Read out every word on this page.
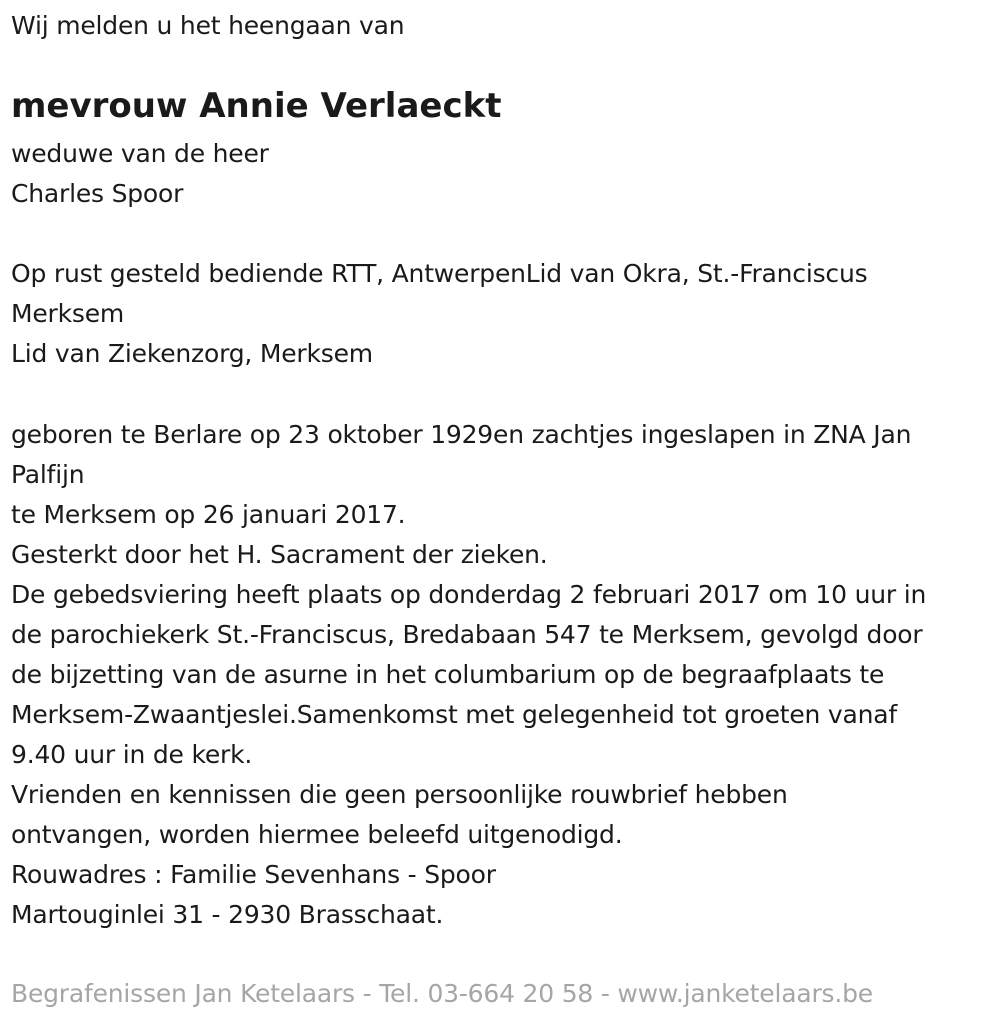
Wij melden u het heengaan van
mevrouw Annie Verlaeckt
weduwe van de heer
Charles Spoor
Op rust gesteld bediende RTT, AntwerpenLid van Okra, St.-Franciscus
Merksem
Lid van Ziekenzorg, Merksem
geboren te Berlare op 23 oktober 1929en zachtjes ingeslapen in ZNA Jan
Palfijn
te Merksem op 26 januari 2017.
Gesterkt door het H. Sacrament der zieken.
De gebedsviering heeft plaats op donderdag 2 februari 2017 om 10 uur in
de parochiekerk St.-Franciscus, Bredabaan 547 te Merksem, gevolgd door
de bijzetting van de asurne in het columbarium op de begraafplaats te
Merksem-Zwaantjeslei.Samenkomst met gelegenheid tot groeten vanaf
9.40 uur in de kerk.
Vrienden en kennissen die geen persoonlijke rouwbrief hebben
ontvangen, worden hiermee beleefd uitgenodigd.
Rouwadres : Familie Sevenhans - Spoor
Martouginlei 31 - 2930 Brasschaat.
Begrafenissen Jan Ketelaars - Tel. 03-664 20 58 - www.janketelaars.be
